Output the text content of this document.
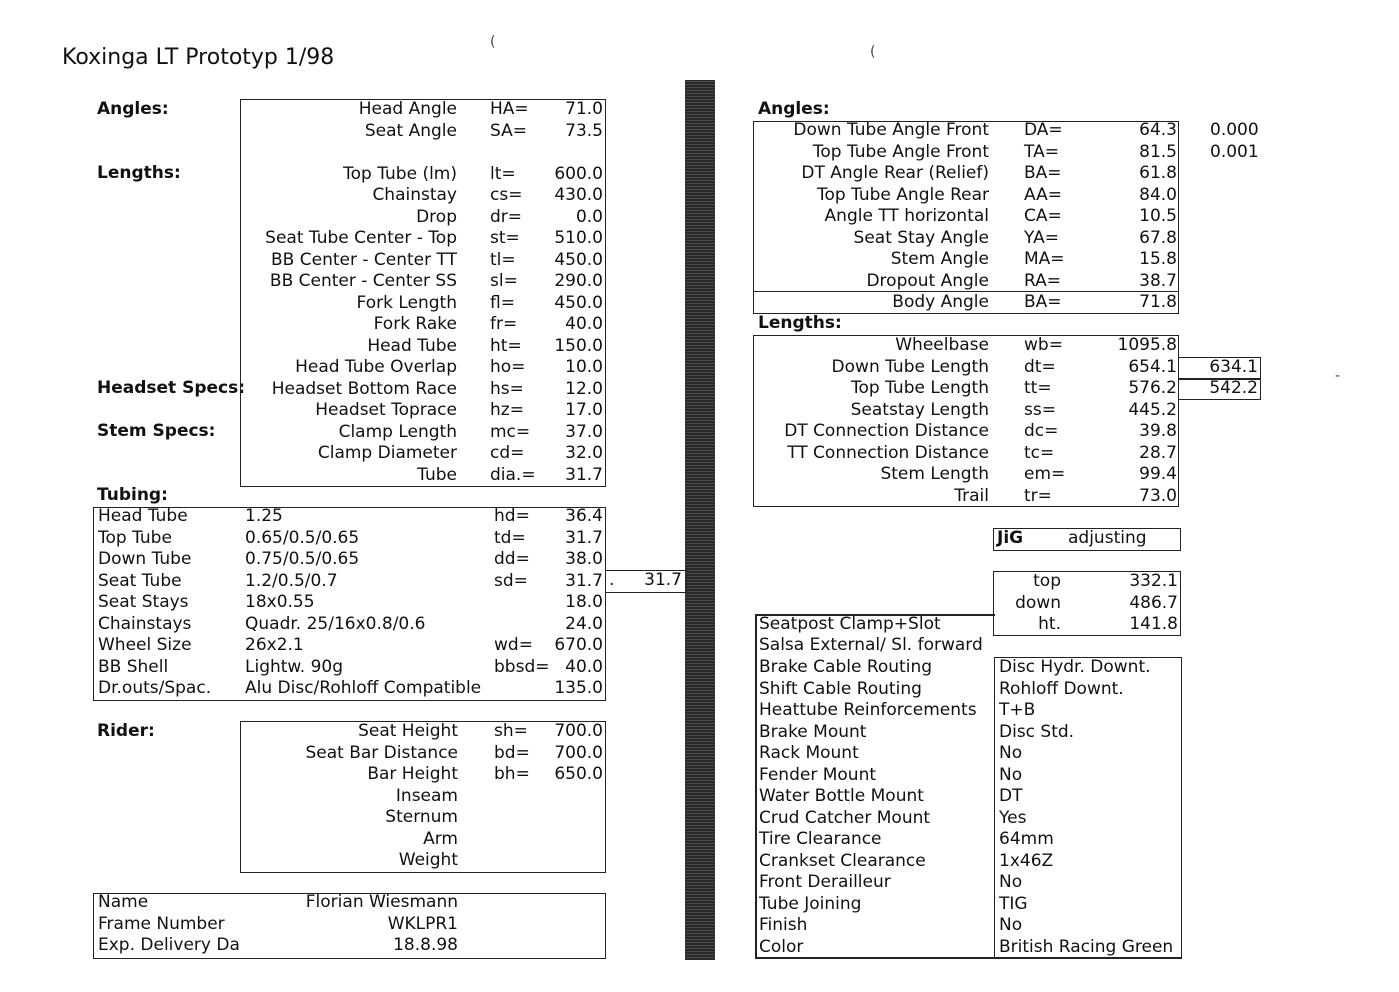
Koxinga LT Prototyp 1/98
(
(
Angles:
Lengths:
Headset Specs:
Stem Specs:
Tubing:
Rider:
Head Angle HA=	71.0
Seat Angle SA=	73.5
Top Tube (lm) lt=	600.0
Chainstay cs=	430.0
Drop dr=	0.0
Seat Tube Center - Top st=	510.0
BB Center - Center TT tl=	450.0
BB Center - Center SS sl=	290.0
Fork Length fl=	450.0
Fork Rake fr=	40.0
Head Tube ht=	150.0
Head Tube Overlap ho=	10.0
Headset Bottom Race hs=	12.0
Headset Toprace hz=	17.0
Clamp Length mc=	37.0
Clamp Diameter cd=	32.0
Tube dia.=	31.7
Head Tube	1.25	hd=	36.4
Top Tube	0.65/0.5/0.65	td=	31.7
Down Tube	0.75/0.5/0.65	dd=	38.0
Seat Tube	1.2/0.5/0.7	sd=	31.7
Seat Stays	18x0.55	18.0
Chainstays	Quadr. 25/16x0.8/0.6	24.0
Wheel Size	26x2.1	wd=	670.0
BB Shell	Lightw. 90g	bbsd= 40.0
Dr.outs/Spac. Alu Disc/Rohloff Compatible	135.0
.	31.7
Seat Height sh=	700.0
Seat Bar Distance bd=	700.0
Bar Height bh=	650.0
Inseam
Sternum
Arm
Weight
Name	Florian Wiesmann
Frame Number	WKLPR1
Exp. Delivery Da	18.8.98
Angles:
Down Tube Angle Front DA=	64.3 0.000
Top Tube Angle Front TA=	81.5 0.001
DT Angle Rear (Relief) BA=	61.8
Top Tube Angle Rear AA=	84.0
Angle TT horizontal CA=	10.5
Seat Stay Angle YA=	67.8
Stem Angle MA=	15.8
Dropout Angle RA=	38.7
Body Angle BA=	71.8
Lengths:
Wheelbase wb=	1095.8
Down Tube Length dt=	654.1	634.1
Top Tube Length tt=	576.2	542.2
Seatstay Length ss=	445.2
DT Connection Distance dc=	39.8
TT Connection Distance tc=	28.7
Stem Length em=	99.4
Trail tr=	73.0
JiG	adjusting
top	332.1
down	486.7
ht.	141.8
Seatpost Clamp+Slot
Salsa External/ Sl. forward
Brake Cable Routing	Disc Hydr. Downt.
Shift Cable Routing	Rohloff Downt.
Heattube Reinforcements T+B
Brake Mount	Disc Std.
Rack Mount	No
Fender Mount	No
Water Bottle Mount	DT
Crud Catcher Mount	Yes
Tire Clearance	64mm
Crankset Clearance	1x46Z
Front Derailleur	No
Tube Joining	TIG
Finish	No
Color	British Racing Green
-
